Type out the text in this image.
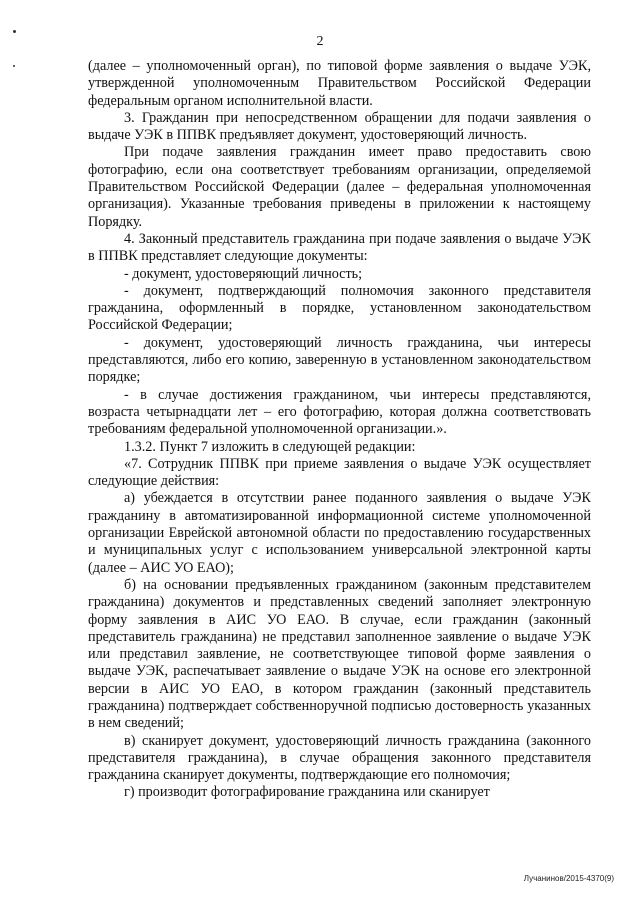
2

(далее – уполномоченный орган), по типовой форме заявления о выдаче УЭК, утвержденной уполномоченным Правительством Российской Федерации федеральным органом исполнительной власти.

3. Гражданин при непосредственном обращении для подачи заявления о выдаче УЭК в ППВК предъявляет документ, удостоверяющий личность.

При подаче заявления гражданин имеет право предоставить свою фотографию, если она соответствует требованиям организации, определяемой Правительством Российской Федерации (далее – федеральная уполномоченная организация). Указанные требования приведены в приложении к настоящему Порядку.

4. Законный представитель гражданина при подаче заявления о выдаче УЭК в ППВК представляет следующие документы:

- документ, удостоверяющий личность;

- документ, подтверждающий полномочия законного представителя гражданина, оформленный в порядке, установленном законодательством Российской Федерации;

- документ, удостоверяющий личность гражданина, чьи интересы представляются, либо его копию, заверенную в установленном законодательством порядке;

- в случае достижения гражданином, чьи интересы представляются, возраста четырнадцати лет – его фотографию, которая должна соответствовать требованиям федеральной уполномоченной организации.».

1.3.2. Пункт 7 изложить в следующей редакции:

«7. Сотрудник ППВК при приеме заявления о выдаче УЭК осуществляет следующие действия:

а) убеждается в отсутствии ранее поданного заявления о выдаче УЭК гражданину в автоматизированной информационной системе уполномоченной организации Еврейской автономной области по предоставлению государственных и муниципальных услуг с использованием универсальной электронной карты (далее – АИС УО ЕАО);

б) на основании предъявленных гражданином (законным представителем гражданина) документов и представленных сведений заполняет электронную форму заявления в АИС УО ЕАО. В случае, если гражданин (законный представитель гражданина) не представил заполненное заявление о выдаче УЭК или представил заявление, не соответствующее типовой форме заявления о выдаче УЭК, распечатывает заявление о выдаче УЭК на основе его электронной версии в АИС УО ЕАО, в котором гражданин (законный представитель гражданина) подтверждает собственноручной подписью достоверность указанных в нем сведений;

в) сканирует документ, удостоверяющий личность гражданина (законного представителя гражданина), в случае обращения законного представителя гражданина сканирует документы, подтверждающие его полномочия;

г) производит фотографирование гражданина или сканирует

Лучанинов/2015-4370(9)
